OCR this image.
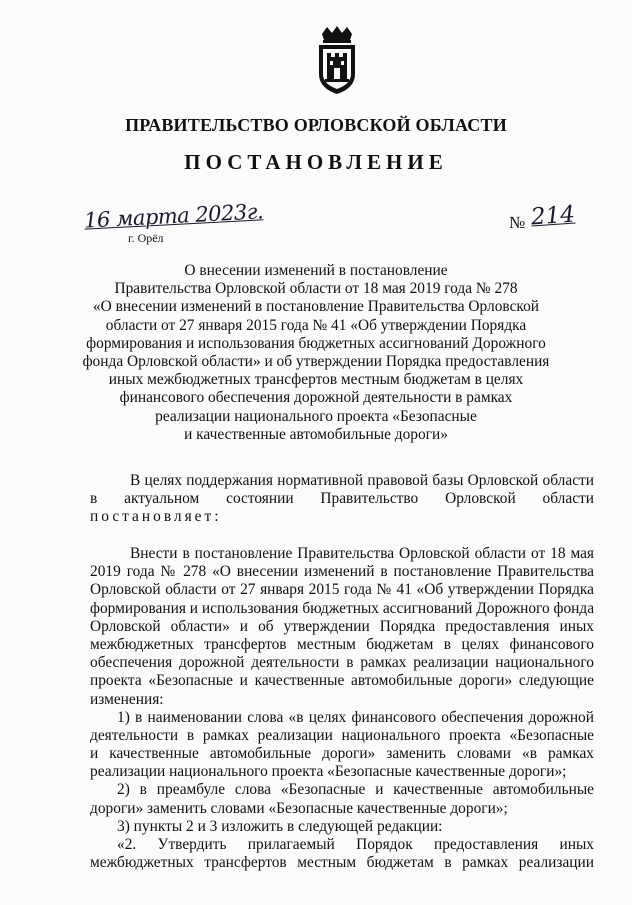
ПРАВИТЕЛЬСТВО ОРЛОВСКОЙ ОБЛАСТИ
ПОСТАНОВЛЕНИЕ
16 марта 2023г.
г. Орёл
№ 214
О внесении изменений в постановление
Правительства Орловской области от 18 мая 2019 года № 278
«О внесении изменений в постановление Правительства Орловской
области от 27 января 2015 года № 41 «Об утверждении Порядка
формирования и использования бюджетных ассигнований Дорожного
фонда Орловской области» и об утверждении Порядка предоставления
иных межбюджетных трансфертов местным бюджетам в целях
финансового обеспечения дорожной деятельности в рамках
реализации национального проекта «Безопасные
и качественные автомобильные дороги»
В целях поддержания нормативной правовой базы Орловской области
в актуальном состоянии Правительство Орловской области
постановляет:
Внести в постановление Правительства Орловской области от 18 мая
2019 года № 278 «О внесении изменений в постановление Правительства
Орловской области от 27 января 2015 года № 41 «Об утверждении Порядка
формирования и использования бюджетных ассигнований Дорожного фонда
Орловской области» и об утверждении Порядка предоставления иных
межбюджетных трансфертов местным бюджетам в целях финансового
обеспечения дорожной деятельности в рамках реализации национального
проекта «Безопасные и качественные автомобильные дороги» следующие
изменения:
1) в наименовании слова «в целях финансового обеспечения дорожной
деятельности в рамках реализации национального проекта «Безопасные
и качественные автомобильные дороги» заменить словами «в рамках
реализации национального проекта «Безопасные качественные дороги»;
2) в преамбуле слова «Безопасные и качественные автомобильные
дороги» заменить словами «Безопасные качественные дороги»;
3) пункты 2 и 3 изложить в следующей редакции:
«2. Утвердить прилагаемый Порядок предоставления иных
межбюджетных трансфертов местным бюджетам в рамках реализации
